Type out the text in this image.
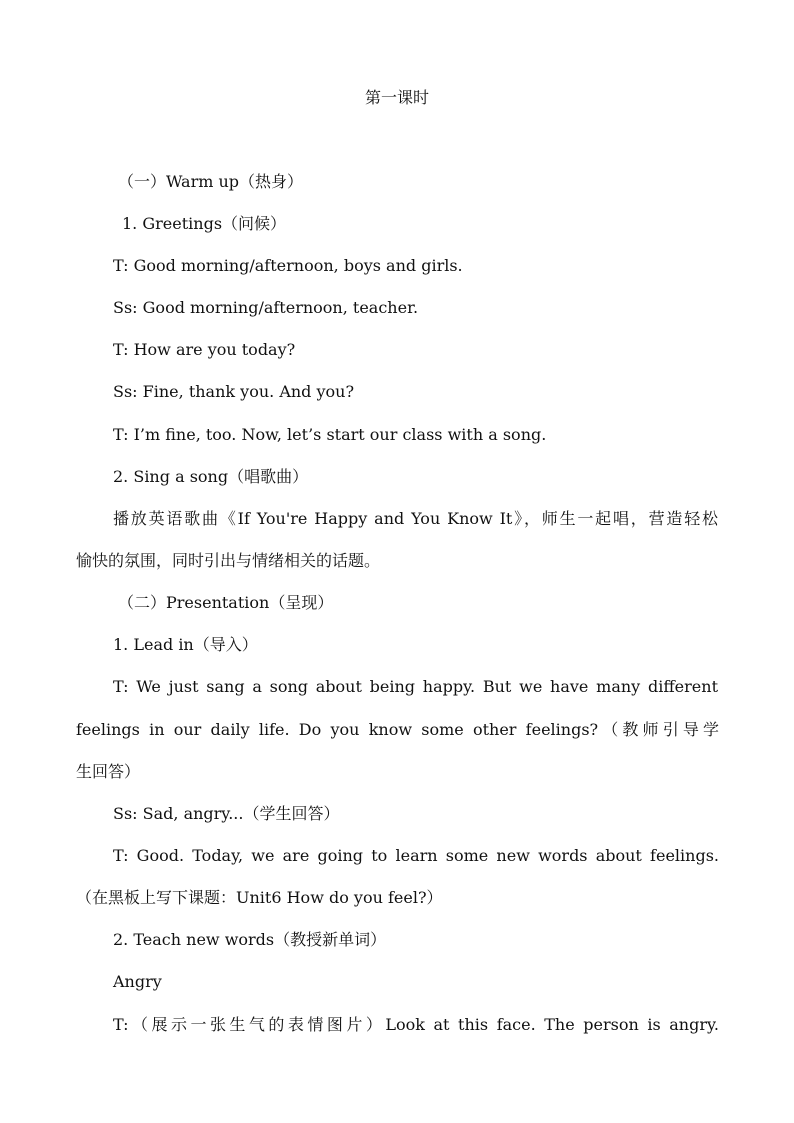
第一课时
（一）Warm up（热身）
1. Greetings（问候）
T: Good morning/afternoon, boys and girls.
Ss: Good morning/afternoon, teacher.
T: How are you today?
Ss: Fine, thank you. And you?
T: I’m fine, too. Now, let’s start our class with a song.
2. Sing a song（唱歌曲）
播放英语歌曲《If You're Happy and You Know It》，师生一起唱，营造轻松
愉快的氛围，同时引出与情绪相关的话题。
（二）Presentation（呈现）
1. Lead in（导入）
T: We just sang a song about being happy. But we have many different
feelings in our daily life. Do you know some other feelings?（教师引导学
生回答）
Ss: Sad, angry...（学生回答）
T: Good. Today, we are going to learn some new words about feelings.
（在黑板上写下课题：Unit6 How do you feel?）
2. Teach new words（教授新单词）
Angry
T:（展示一张生气的表情图片）Look at this face. The person is angry.
